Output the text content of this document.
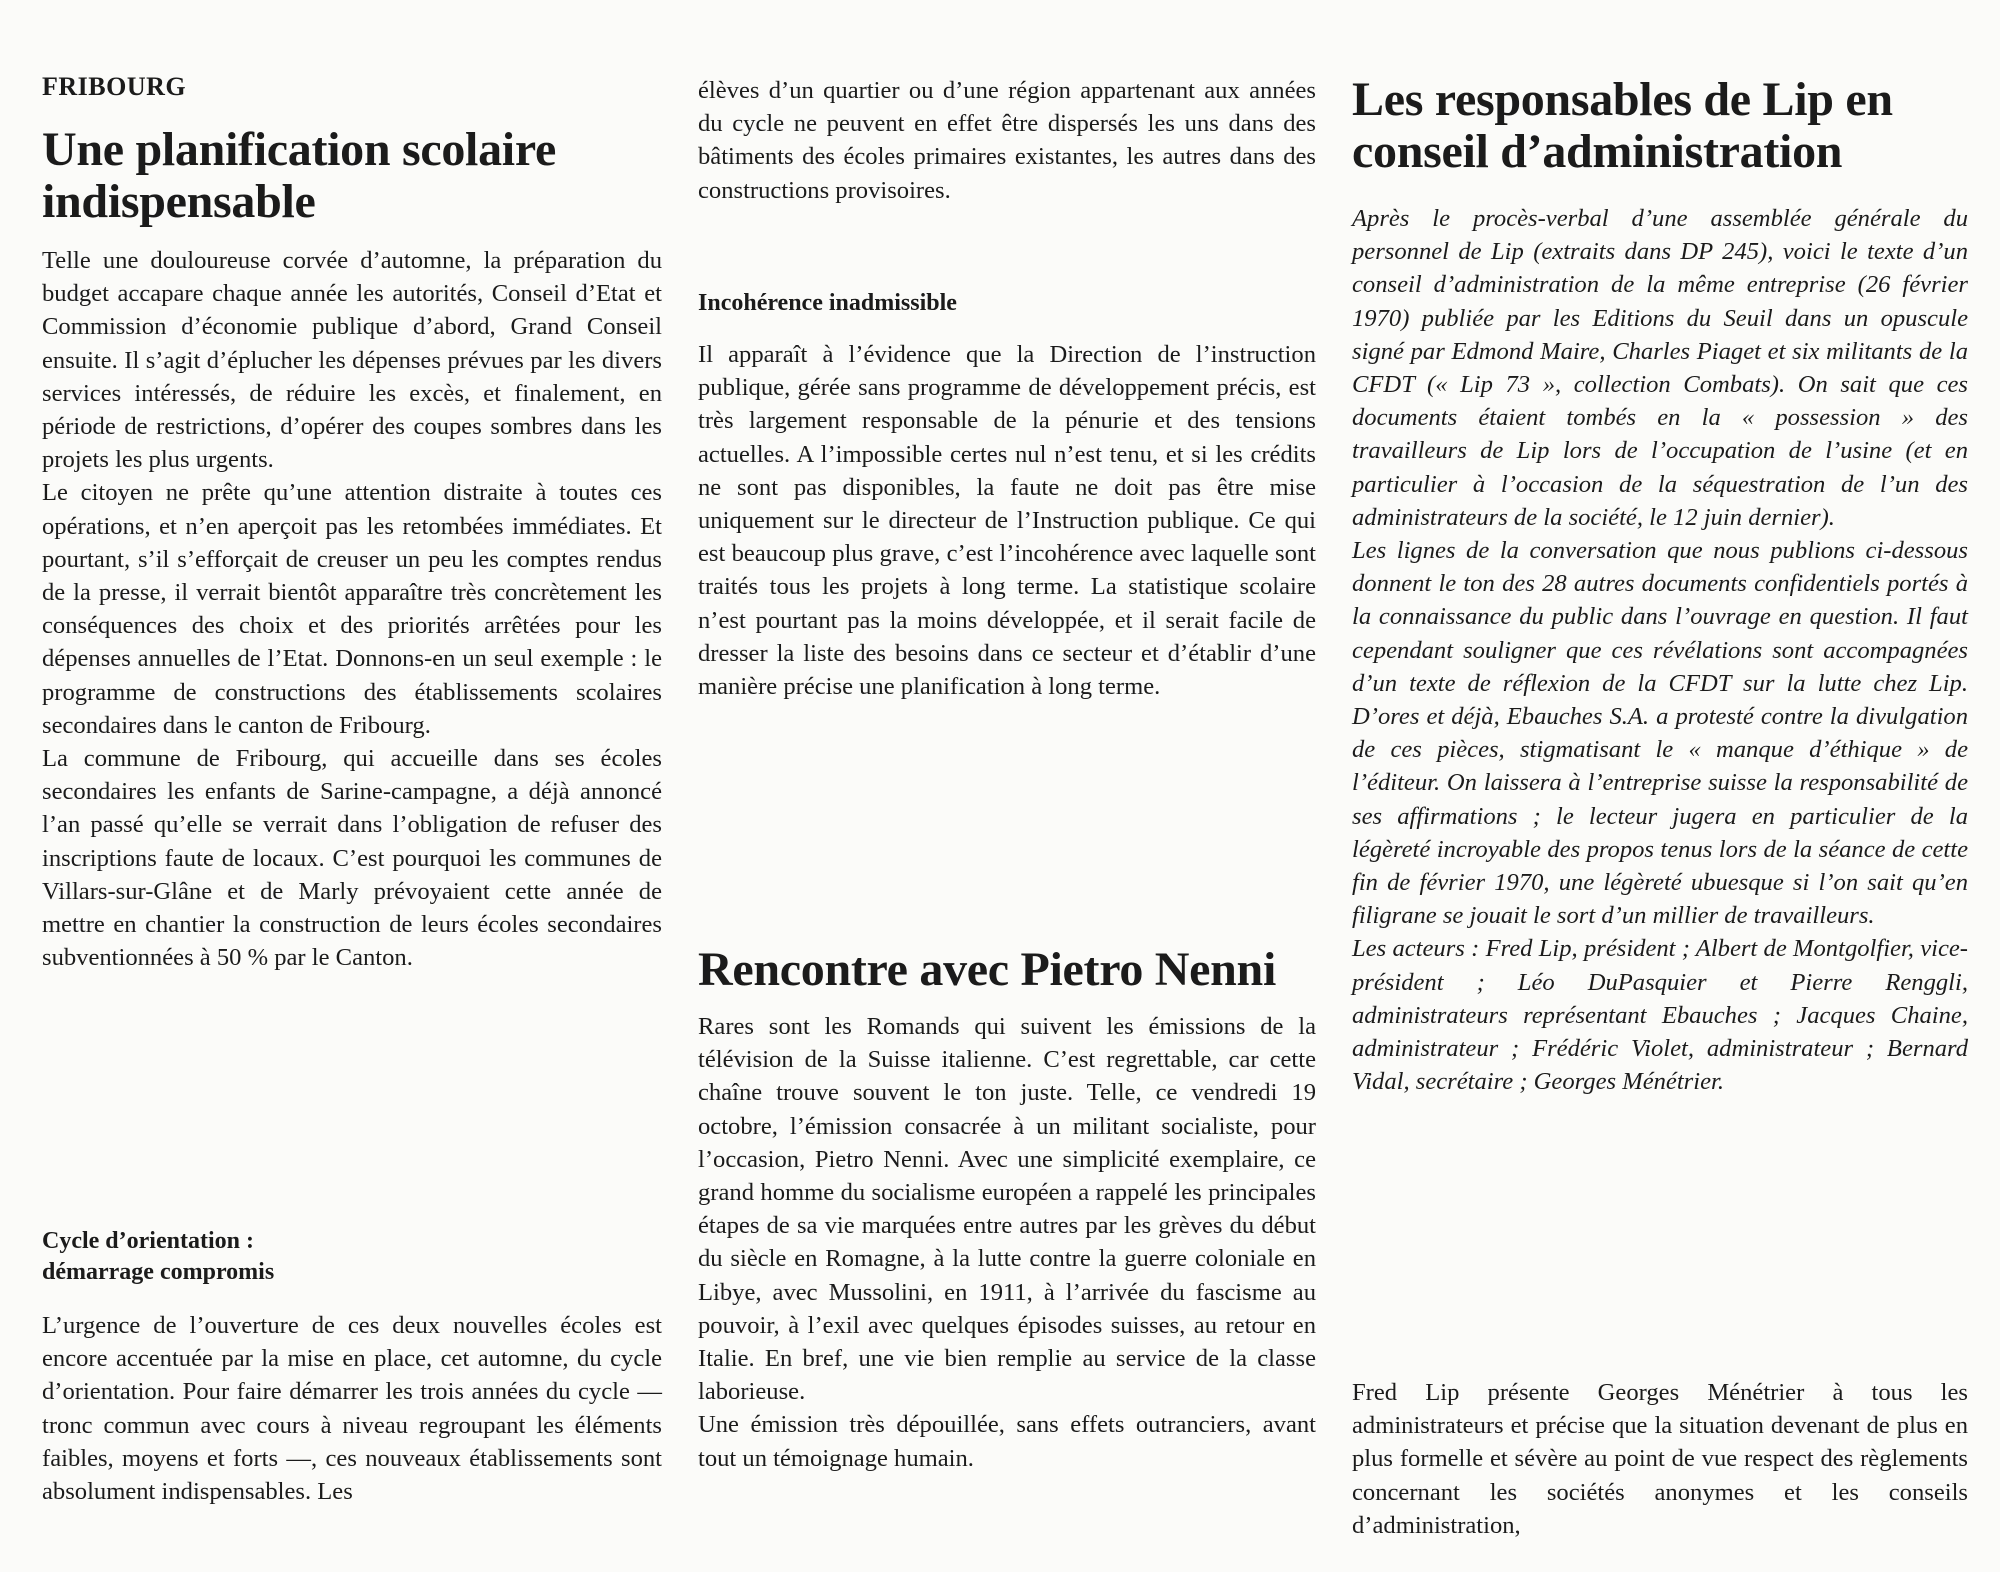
FRIBOURG
Une planification scolaire indispensable

Telle une douloureuse corvée d’automne, la préparation du budget accapare chaque année les autorités, Conseil d’Etat et Commission d’économie publique d’abord, Grand Conseil ensuite. Il s’agit d’éplucher les dépenses prévues par les divers services intéressés, de réduire les excès, et finalement, en période de restrictions, d’opérer des coupes sombres dans les projets les plus urgents.

Le citoyen ne prête qu’une attention distraite à toutes ces opérations, et n’en aperçoit pas les retombées immédiates. Et pourtant, s’il s’efforçait de creuser un peu les comptes rendus de la presse, il verrait bientôt apparaître très concrètement les conséquences des choix et des priorités arrêtées pour les dépenses annuelles de l’Etat. Donnons-en un seul exemple : le programme de constructions des établissements scolaires secondaires dans le canton de Fribourg.

La commune de Fribourg, qui accueille dans ses écoles secondaires les enfants de Sarine-campagne, a déjà annoncé l’an passé qu’elle se verrait dans l’obligation de refuser des inscriptions faute de locaux. C’est pourquoi les communes de Villars-sur-Glâne et de Marly prévoyaient cette année de mettre en chantier la construction de leurs écoles secondaires subventionnées à 50 % par le Canton.

Cycle d’orientation :
démarrage compromis

L’urgence de l’ouverture de ces deux nouvelles écoles est encore accentuée par la mise en place, cet automne, du cycle d’orientation. Pour faire démarrer les trois années du cycle — tronc commun avec cours à niveau regroupant les éléments faibles, moyens et forts —, ces nouveaux établissements sont absolument indispensables. Les

élèves d’un quartier ou d’une région appartenant aux années du cycle ne peuvent en effet être dispersés les uns dans des bâtiments des écoles primaires existantes, les autres dans des constructions provisoires.

Incohérence inadmissible

Il apparaît à l’évidence que la Direction de l’instruction publique, gérée sans programme de développement précis, est très largement responsable de la pénurie et des tensions actuelles. A l’impossible certes nul n’est tenu, et si les crédits ne sont pas disponibles, la faute ne doit pas être mise uniquement sur le directeur de l’Instruction publique. Ce qui est beaucoup plus grave, c’est l’incohérence avec laquelle sont traités tous les projets à long terme. La statistique scolaire n’est pourtant pas la moins développée, et il serait facile de dresser la liste des besoins dans ce secteur et d’établir d’une manière précise une planification à long terme.

Rencontre avec Pietro Nenni

Rares sont les Romands qui suivent les émissions de la télévision de la Suisse italienne. C’est regrettable, car cette chaîne trouve souvent le ton juste. Telle, ce vendredi 19 octobre, l’émission consacrée à un militant socialiste, pour l’occasion, Pietro Nenni. Avec une simplicité exemplaire, ce grand homme du socialisme européen a rappelé les principales étapes de sa vie marquées entre autres par les grèves du début du siècle en Romagne, à la lutte contre la guerre coloniale en Libye, avec Mussolini, en 1911, à l’arrivée du fascisme au pouvoir, à l’exil avec quelques épisodes suisses, au retour en Italie. En bref, une vie bien remplie au service de la classe laborieuse.

Une émission très dépouillée, sans effets outranciers, avant tout un témoignage humain.

Les responsables de Lip en conseil d’administration

Après le procès-verbal d’une assemblée générale du personnel de Lip (extraits dans DP 245), voici le texte d’un conseil d’administration de la même entreprise (26 février 1970) publiée par les Editions du Seuil dans un opuscule signé par Edmond Maire, Charles Piaget et six militants de la CFDT (« Lip 73 », collection Combats). On sait que ces documents étaient tombés en la « possession » des travailleurs de Lip lors de l’occupation de l’usine (et en particulier à l’occasion de la séquestration de l’un des administrateurs de la société, le 12 juin dernier).

Les lignes de la conversation que nous publions ci-dessous donnent le ton des 28 autres documents confidentiels portés à la connaissance du public dans l’ouvrage en question. Il faut cependant souligner que ces révélations sont accompagnées d’un texte de réflexion de la CFDT sur la lutte chez Lip. D’ores et déjà, Ebauches S.A. a protesté contre la divulgation de ces pièces, stigmatisant le « manque d’éthique » de l’éditeur. On laissera à l’entreprise suisse la responsabilité de ses affirmations ; le lecteur jugera en particulier de la légèreté incroyable des propos tenus lors de la séance de cette fin de février 1970, une légèreté ubuesque si l’on sait qu’en filigrane se jouait le sort d’un millier de travailleurs.

Les acteurs : Fred Lip, président ; Albert de Montgolfier, vice-président ; Léo DuPasquier et Pierre Renggli, administrateurs représentant Ebauches ; Jacques Chaine, administrateur ; Frédéric Violet, administrateur ; Bernard Vidal, secrétaire ; Georges Ménétrier.

Fred Lip présente Georges Ménétrier à tous les administrateurs et précise que la situation devenant de plus en plus formelle et sévère au point de vue respect des règlements concernant les sociétés anonymes et les conseils d’administration,
